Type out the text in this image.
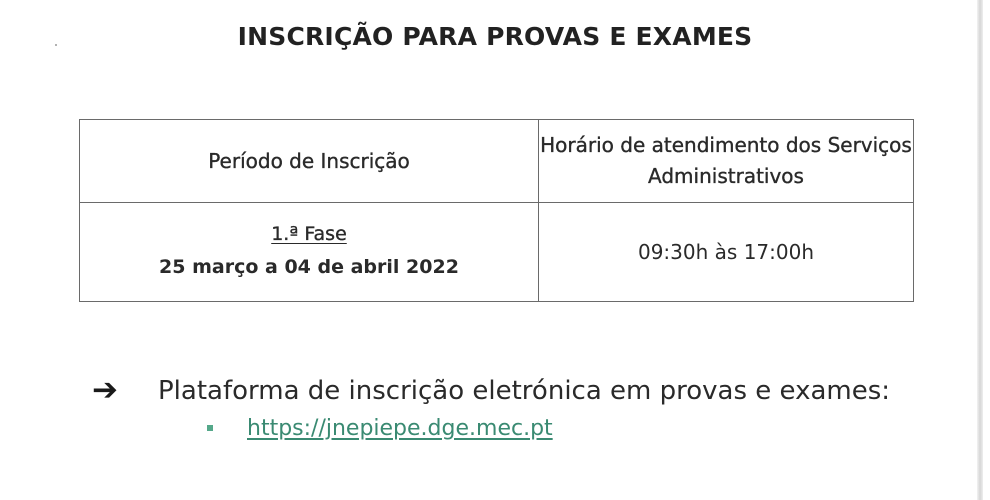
INSCRIÇÃO PARA PROVAS E EXAMES
Período de Inscrição	Horário de atendimento dos Serviços Administrativos
1.ª Fase
25 março a 04 de abril 2022	09:30h às 17:00h
➔ Plataforma de inscrição eletrónica em provas e exames:
https://jnepiepe.dge.mec.pt
